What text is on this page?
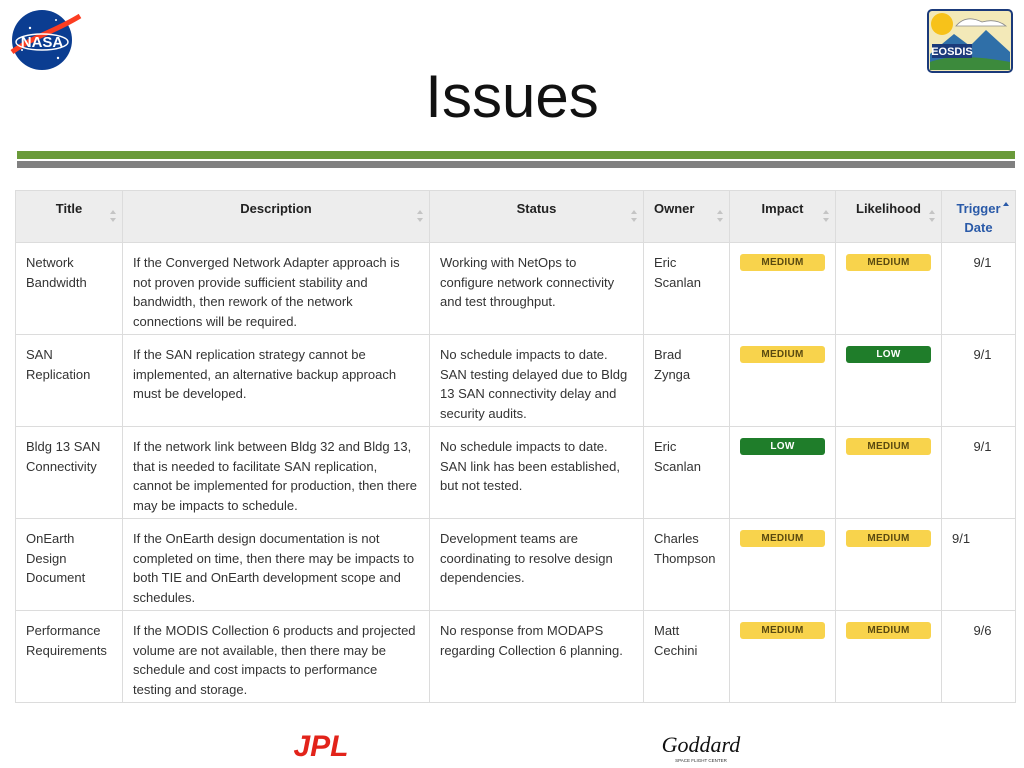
NASA
EOSDIS
Issues
Title	Description	Status	Owner	Impact	Likelihood	Trigger
Date

Network Bandwidth	If the Converged Network Adapter approach is not proven provide sufficient stability and bandwidth, then rework of the network connections will be required.	Working with NetOps to configure network connectivity and test throughput.	Eric Scanlan	MEDIUM	MEDIUM	9/1
SAN Replication	If the SAN replication strategy cannot be implemented, an alternative backup approach must be developed.	No schedule impacts to date. SAN testing delayed due to Bldg 13 SAN connectivity delay and security audits.	Brad Zynga	MEDIUM	LOW	9/1
Bldg 13 SAN Connectivity	If the network link between Bldg 32 and Bldg 13, that is needed to facilitate SAN replication, cannot be implemented for production, then there may be impacts to schedule.	No schedule impacts to date. SAN link has been established, but not tested.	Eric Scanlan	LOW	MEDIUM	9/1
OnEarth Design Document	If the OnEarth design documentation is not completed on time, then there may be impacts to both TIE and OnEarth development scope and schedules.	Development teams are coordinating to resolve design dependencies.	Charles Thompson	MEDIUM	MEDIUM	9/1
Performance Requirements	If the MODIS Collection 6 products and projected volume are not available, then there may be schedule and cost impacts to performance testing and storage.	No response from MODAPS regarding Collection 6 planning.	Matt Cechini	MEDIUM	MEDIUM	9/6
JPL	Goddard
SPACE FLIGHT CENTER
